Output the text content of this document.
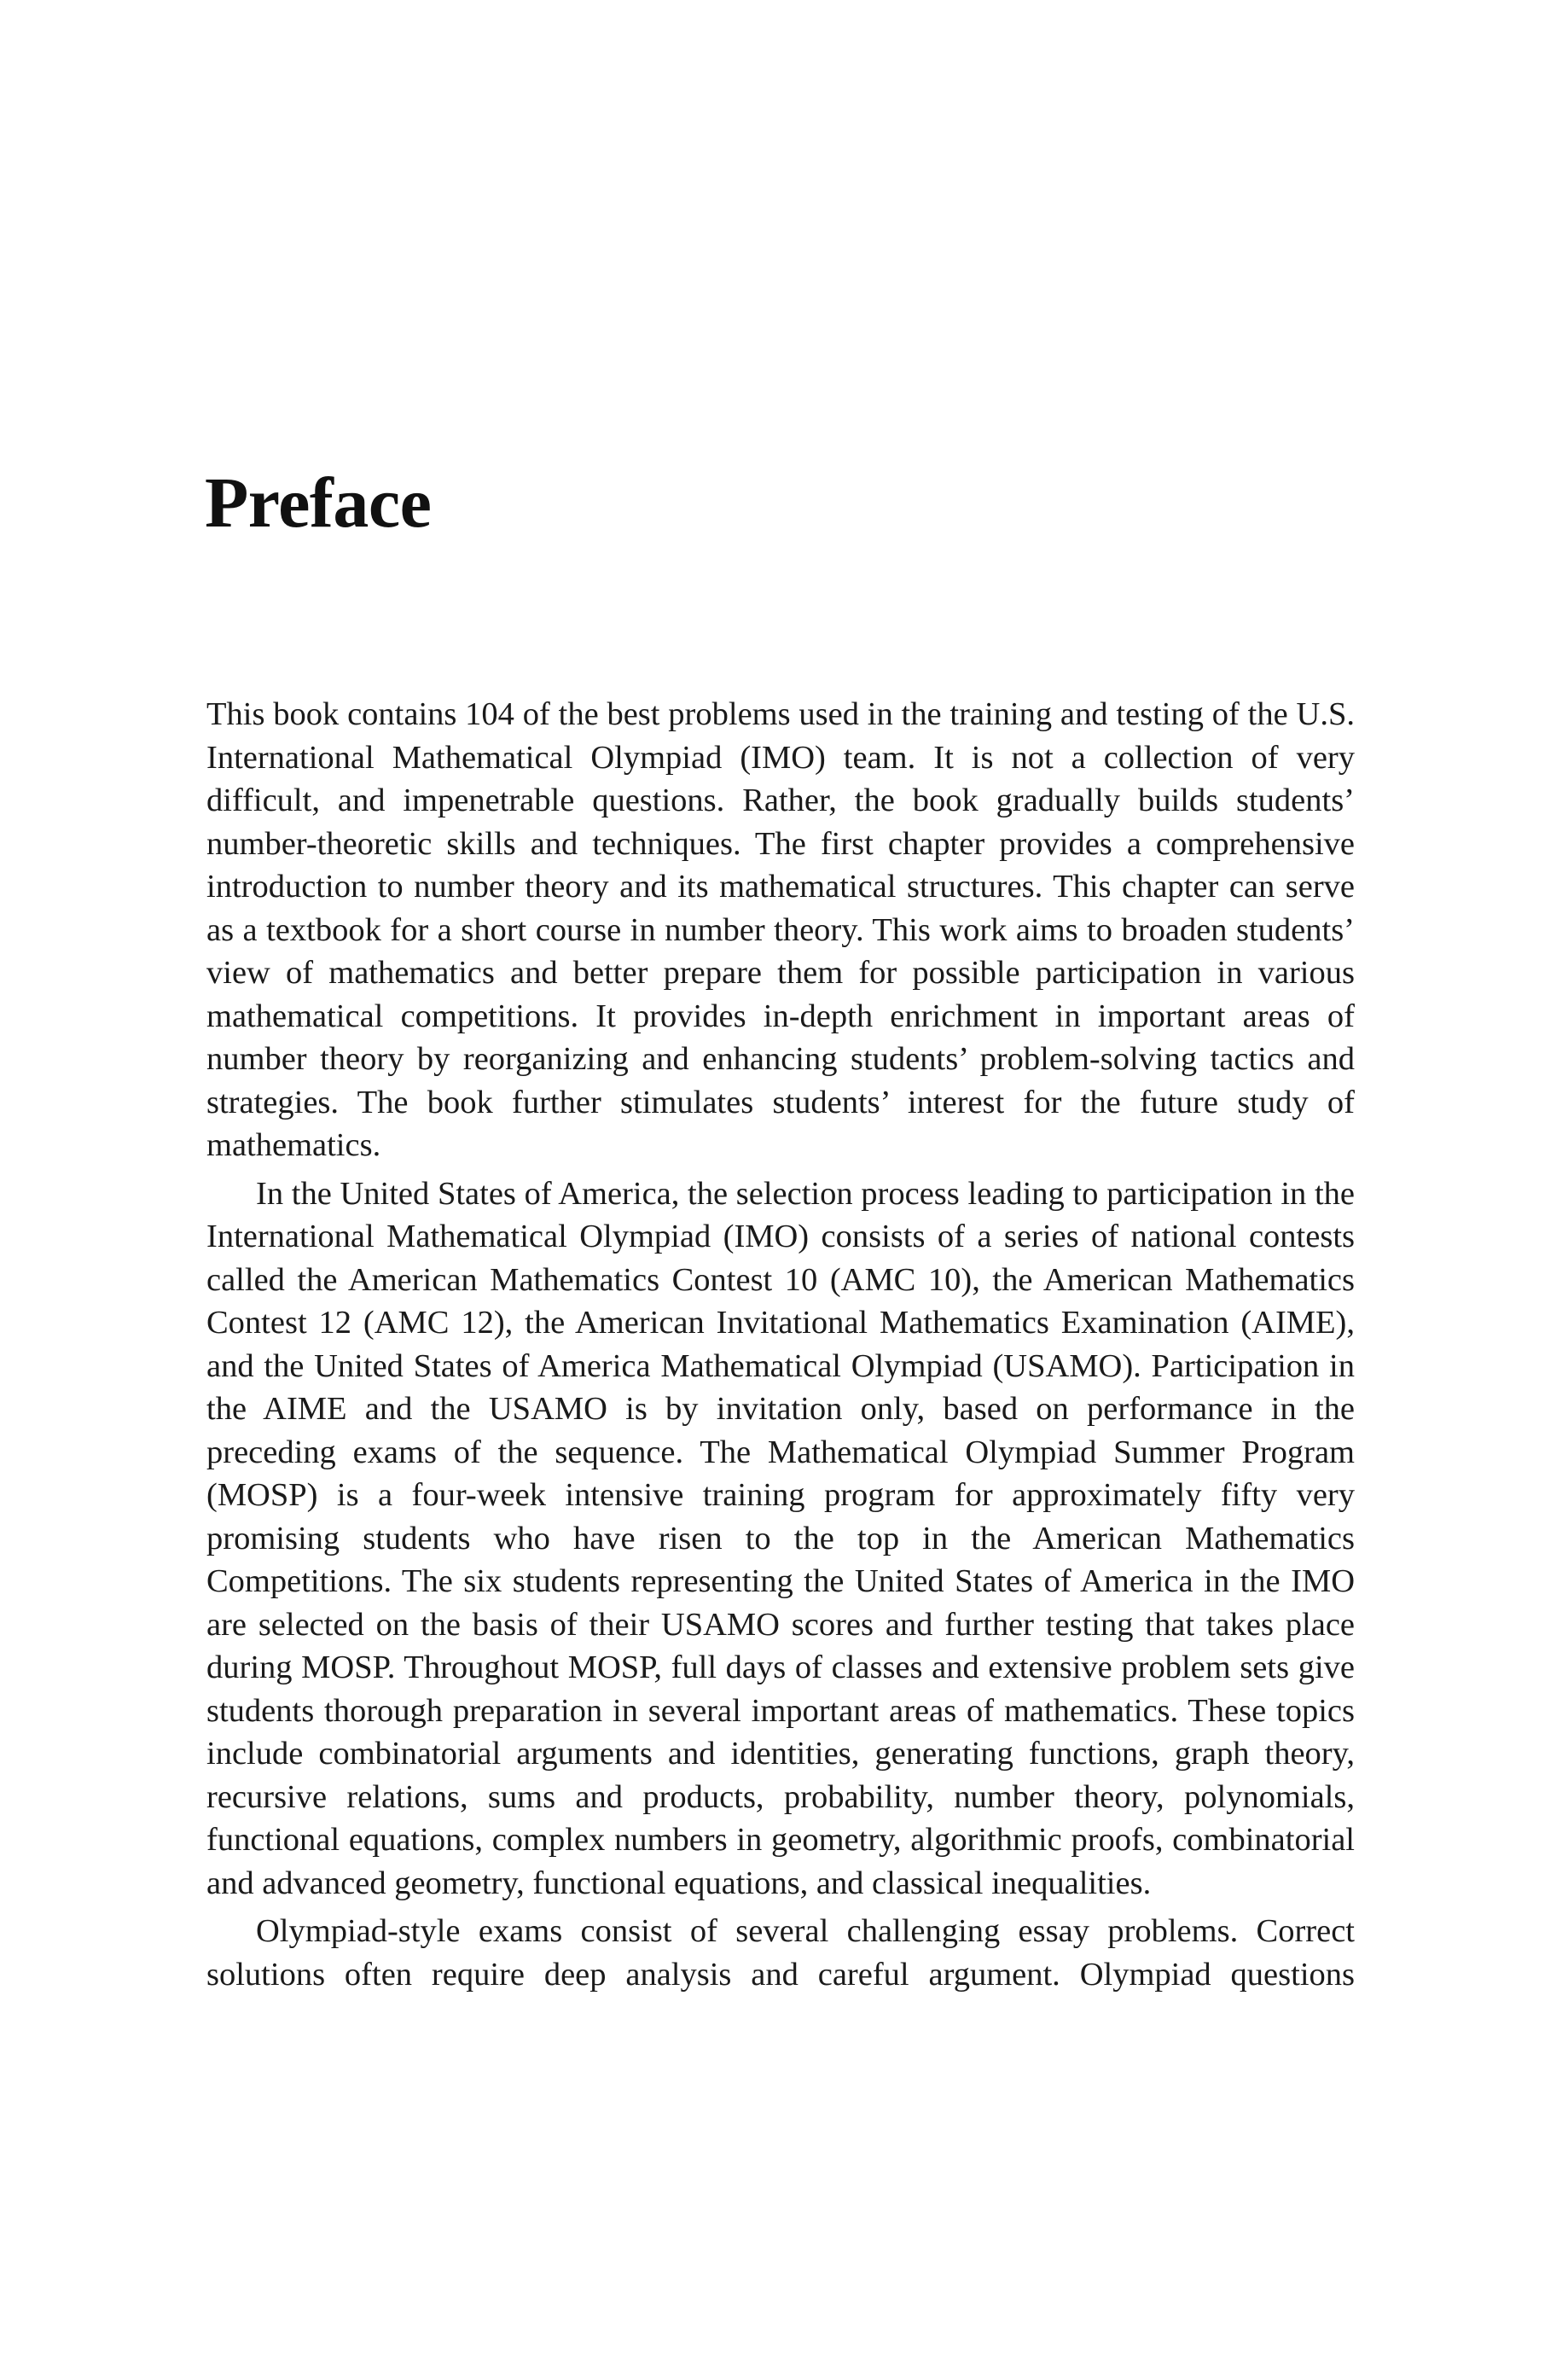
Preface

This book contains 104 of the best problems used in the training and testing of the U.S. International Mathematical Olympiad (IMO) team. It is not a collection of very difficult, and impenetrable questions. Rather, the book gradually builds students’ number-theoretic skills and techniques. The first chapter provides a comprehensive introduction to number theory and its mathematical structures. This chapter can serve as a textbook for a short course in number theory. This work aims to broaden students’ view of mathematics and better prepare them for possible participation in various mathematical competitions. It provides in-depth enrichment in important areas of number theory by reorganizing and enhancing students’ problem-solving tactics and strategies. The book further stimulates students’ interest for the future study of mathematics.

In the United States of America, the selection process leading to participation in the International Mathematical Olympiad (IMO) consists of a series of national contests called the American Mathematics Contest 10 (AMC 10), the American Mathematics Contest 12 (AMC 12), the American Invitational Mathematics Examination (AIME), and the United States of America Mathematical Olympiad (USAMO). Participation in the AIME and the USAMO is by invitation only, based on performance in the preceding exams of the sequence. The Mathematical Olympiad Summer Program (MOSP) is a four-week intensive training program for approximately fifty very promising students who have risen to the top in the American Mathematics Competitions. The six students representing the United States of America in the IMO are selected on the basis of their USAMO scores and further testing that takes place during MOSP. Throughout MOSP, full days of classes and extensive problem sets give students thorough preparation in several important areas of mathematics. These topics include combinatorial arguments and identities, generating functions, graph theory, recursive relations, sums and products, probability, number theory, polynomials, functional equations, complex numbers in geometry, algorithmic proofs, combinatorial and advanced geometry, functional equations, and classical inequalities.

Olympiad-style exams consist of several challenging essay problems. Correct solutions often require deep analysis and careful argument. Olympiad questions
